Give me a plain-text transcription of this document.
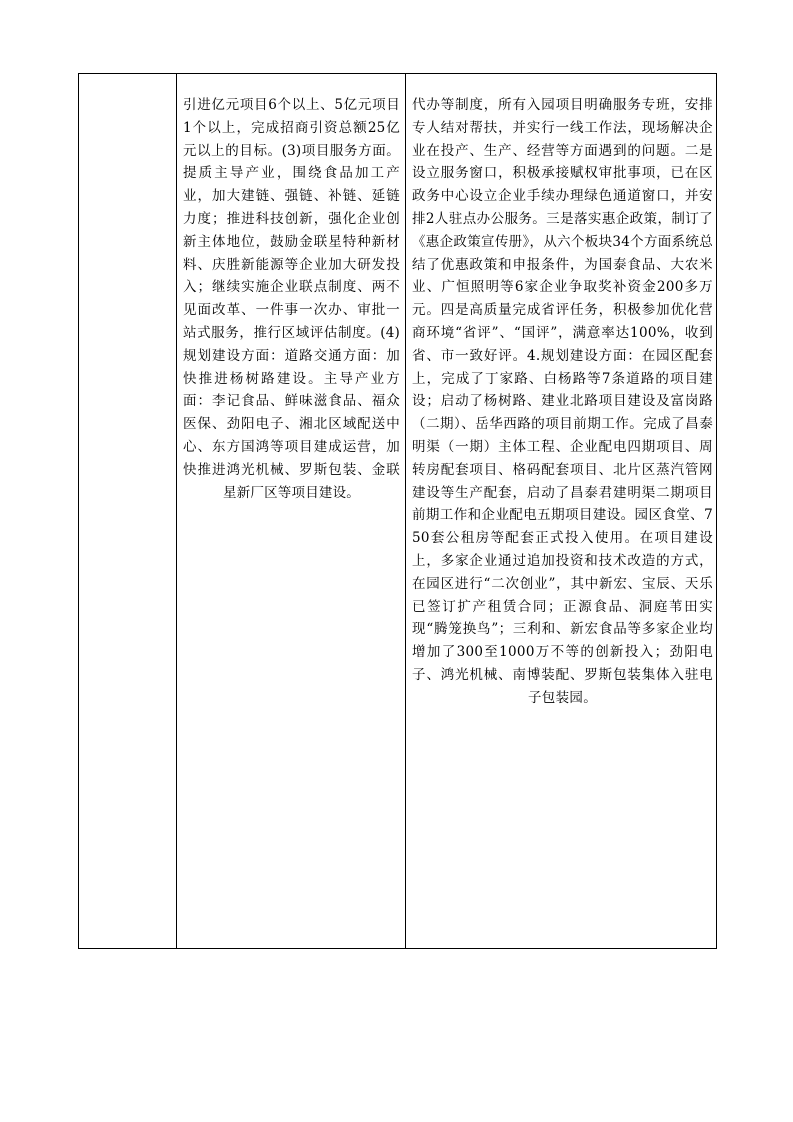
引进亿元项目6个以上、5亿元项目1个以上，完成招商引资总额25亿元以上的目标。(3)项目服务方面。提质主导产业，围绕食品加工产业，加大建链、强链、补链、延链力度；推进科技创新，强化企业创新主体地位，鼓励金联星特种新材料、庆胜新能源等企业加大研发投入；继续实施企业联点制度、两不见面改革、一件事一次办、审批一站式服务，推行区域评估制度。(4)规划建设方面：道路交通方面：加快推进杨树路建设。主导产业方面：李记食品、鲜味滋食品、福众医保、劲阳电子、湘北区域配送中心、东方国鸿等项目建成运营，加快推进鸿光机械、罗斯包装、金联星新厂区等项目建设。

代办等制度，所有入园项目明确服务专班，安排专人结对帮扶，并实行一线工作法，现场解决企业在投产、生产、经营等方面遇到的问题。二是设立服务窗口，积极承接赋权审批事项，已在区政务中心设立企业手续办理绿色通道窗口，并安排2人驻点办公服务。三是落实惠企政策，制订了《惠企政策宣传册》，从六个板块34个方面系统总结了优惠政策和申报条件，为国泰食品、大农米业、广恒照明等6家企业争取奖补资金200多万元。四是高质量完成省评任务，积极参加优化营商环境“省评”、“国评”，满意率达100%，收到省、市一致好评。4.规划建设方面：在园区配套上，完成了丁家路、白杨路等7条道路的项目建设；启动了杨树路、建业北路项目建设及富岗路（二期）、岳华西路的项目前期工作。完成了昌泰明渠（一期）主体工程、企业配电四期项目、周转房配套项目、格码配套项目、北片区蒸汽管网建设等生产配套，启动了昌泰君建明渠二期项目前期工作和企业配电五期项目建设。园区食堂、750套公租房等配套正式投入使用。在项目建设上，多家企业通过追加投资和技术改造的方式，在园区进行“二次创业”，其中新宏、宝辰、天乐已签订扩产租赁合同；正源食品、洞庭苇田实现“腾笼换鸟”；三利和、新宏食品等多家企业均增加了300至1000万不等的创新投入；劲阳电子、鸿光机械、南博装配、罗斯包装集体入驻电子包装园。
